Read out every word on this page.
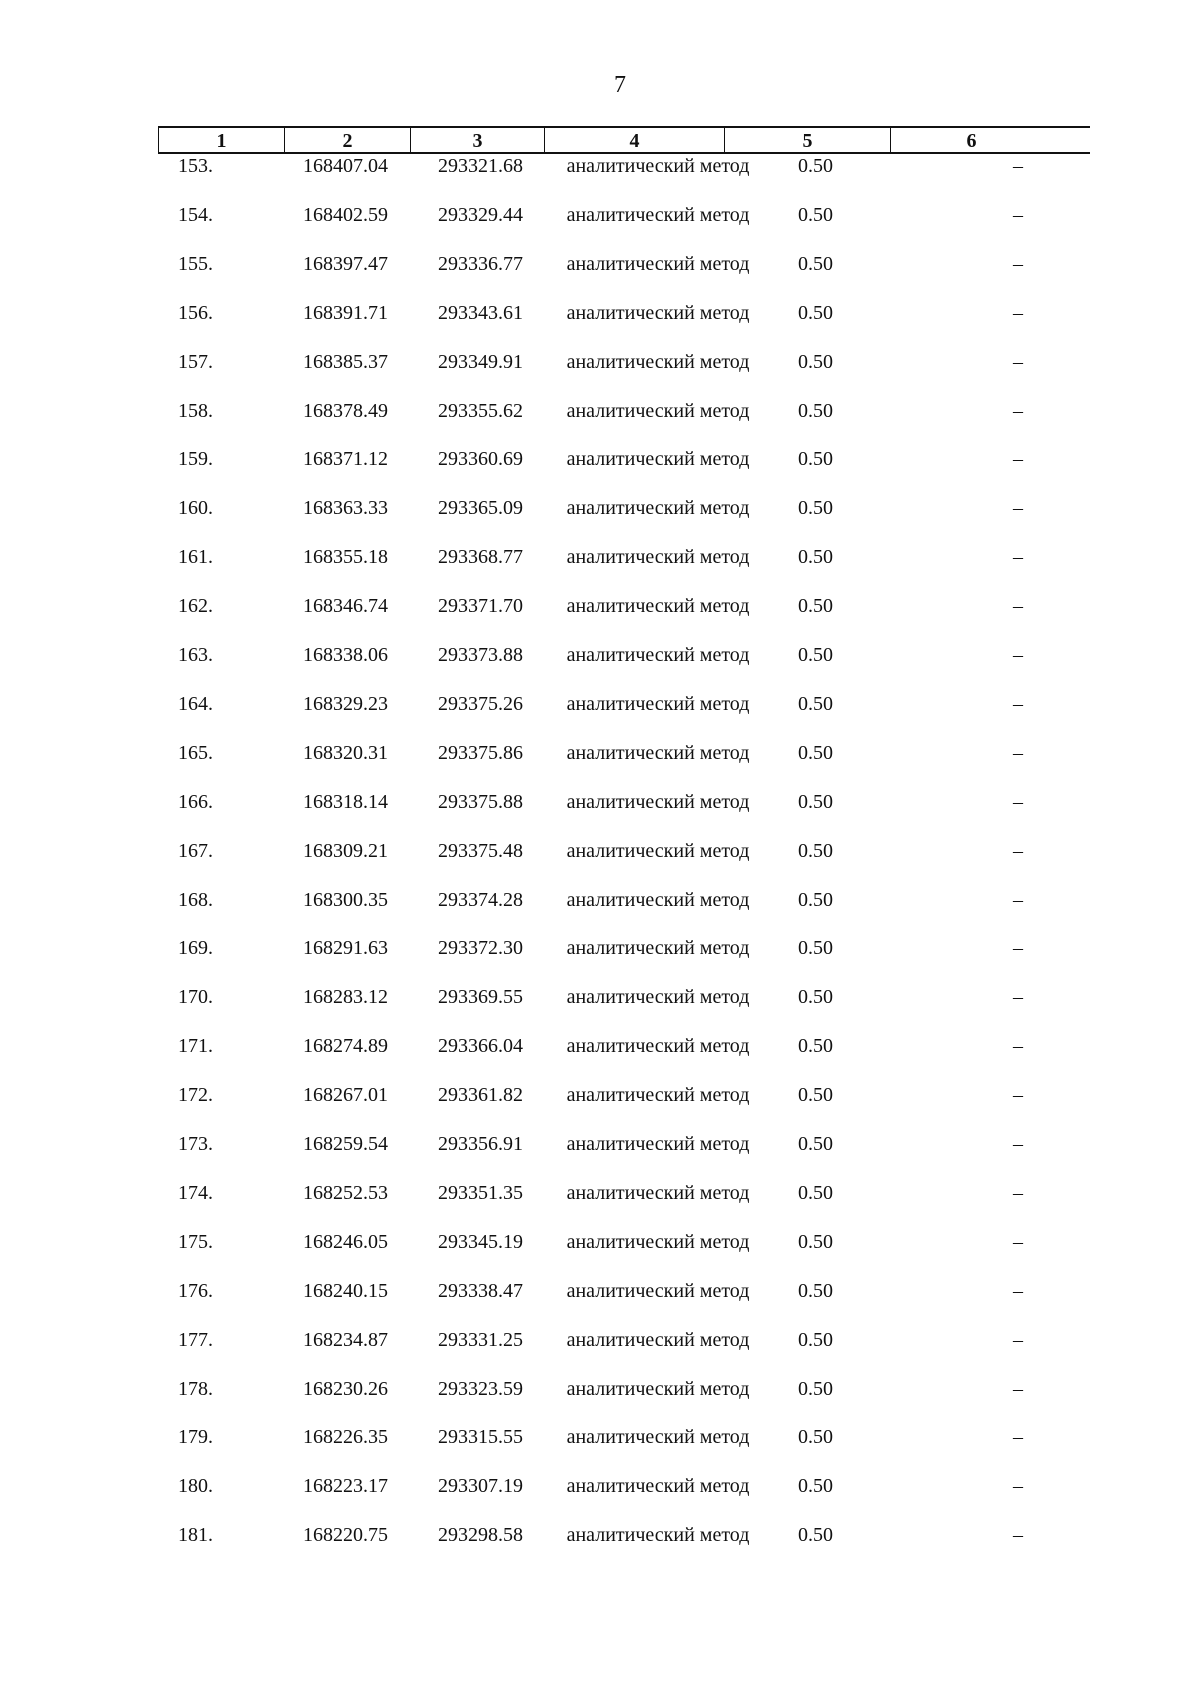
7
1	2	3	4	5	6
153.	168407.04	293321.68	аналитический метод	0.50	–
154.	168402.59	293329.44	аналитический метод	0.50	–
155.	168397.47	293336.77	аналитический метод	0.50	–
156.	168391.71	293343.61	аналитический метод	0.50	–
157.	168385.37	293349.91	аналитический метод	0.50	–
158.	168378.49	293355.62	аналитический метод	0.50	–
159.	168371.12	293360.69	аналитический метод	0.50	–
160.	168363.33	293365.09	аналитический метод	0.50	–
161.	168355.18	293368.77	аналитический метод	0.50	–
162.	168346.74	293371.70	аналитический метод	0.50	–
163.	168338.06	293373.88	аналитический метод	0.50	–
164.	168329.23	293375.26	аналитический метод	0.50	–
165.	168320.31	293375.86	аналитический метод	0.50	–
166.	168318.14	293375.88	аналитический метод	0.50	–
167.	168309.21	293375.48	аналитический метод	0.50	–
168.	168300.35	293374.28	аналитический метод	0.50	–
169.	168291.63	293372.30	аналитический метод	0.50	–
170.	168283.12	293369.55	аналитический метод	0.50	–
171.	168274.89	293366.04	аналитический метод	0.50	–
172.	168267.01	293361.82	аналитический метод	0.50	–
173.	168259.54	293356.91	аналитический метод	0.50	–
174.	168252.53	293351.35	аналитический метод	0.50	–
175.	168246.05	293345.19	аналитический метод	0.50	–
176.	168240.15	293338.47	аналитический метод	0.50	–
177.	168234.87	293331.25	аналитический метод	0.50	–
178.	168230.26	293323.59	аналитический метод	0.50	–
179.	168226.35	293315.55	аналитический метод	0.50	–
180.	168223.17	293307.19	аналитический метод	0.50	–
181.	168220.75	293298.58	аналитический метод	0.50	–
